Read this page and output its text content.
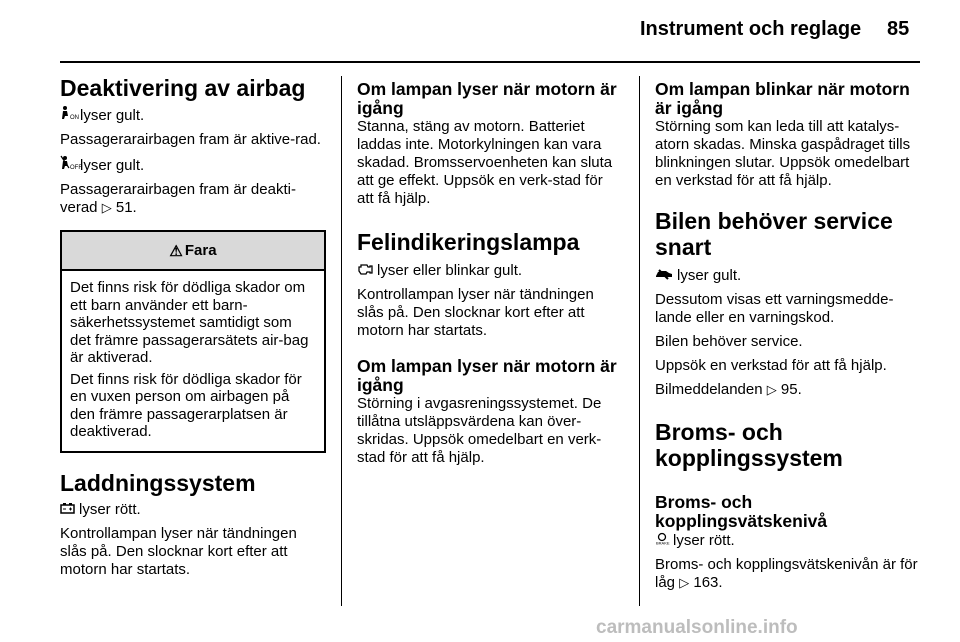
Instrument och reglage 85
Deaktivering av airbag

ON lyser gult.

Passagerarairbagen fram är aktive-rad.

OFF
lyser gult.

Passagerarairbagen fram är deakti-verad ▷ 51.

⚠ Fara

Det finns risk för dödliga skador om ett barn använder ett barn-säkerhetssystemet samtidigt som det främre passagerarsätets air-bag är aktiverad.

Det finns risk för dödliga skador för en vuxen person om airbagen på den främre passagerarplatsen är deaktiverad.

Laddningssystem

lyser rött.

Kontrollampan lyser när tändningen slås på. Den slocknar kort efter att motorn har startats.

Om lampan lyser när motorn är igång

Stanna, stäng av motorn. Batteriet laddas inte. Motorkylningen kan vara skadad. Bromsservoenheten kan sluta att ge effekt. Uppsök en verk-stad för att få hjälp.

Felindikeringslampa

lyser eller blinkar gult.

Kontrollampan lyser när tändningen slås på. Den slocknar kort efter att motorn har startats.

Om lampan lyser när motorn är igång

Störning i avgasreningssystemet. De tillåtna utsläppsvärdena kan över-skridas. Uppsök omedelbart en verk-stad för att få hjälp.

Om lampan blinkar när motorn är igång

Störning som kan leda till att katalys-atorn skadas. Minska gaspådraget tills blinkningen slutar. Uppsök omedelbart en verkstad för att få hjälp.

Bilen behöver service snart

lyser gult.

Dessutom visas ett varningsmedde-lande eller en varningskod.

Bilen behöver service.

Uppsök en verkstad för att få hjälp.

Bilmeddelanden ▷ 95.

Broms- och kopplingssystem
Broms- och kopplingsvätskenivå

BRAKE lyser rött.

Broms- och kopplingsvätskenivån är för låg ▷ 163.

carmanualsonline.info
